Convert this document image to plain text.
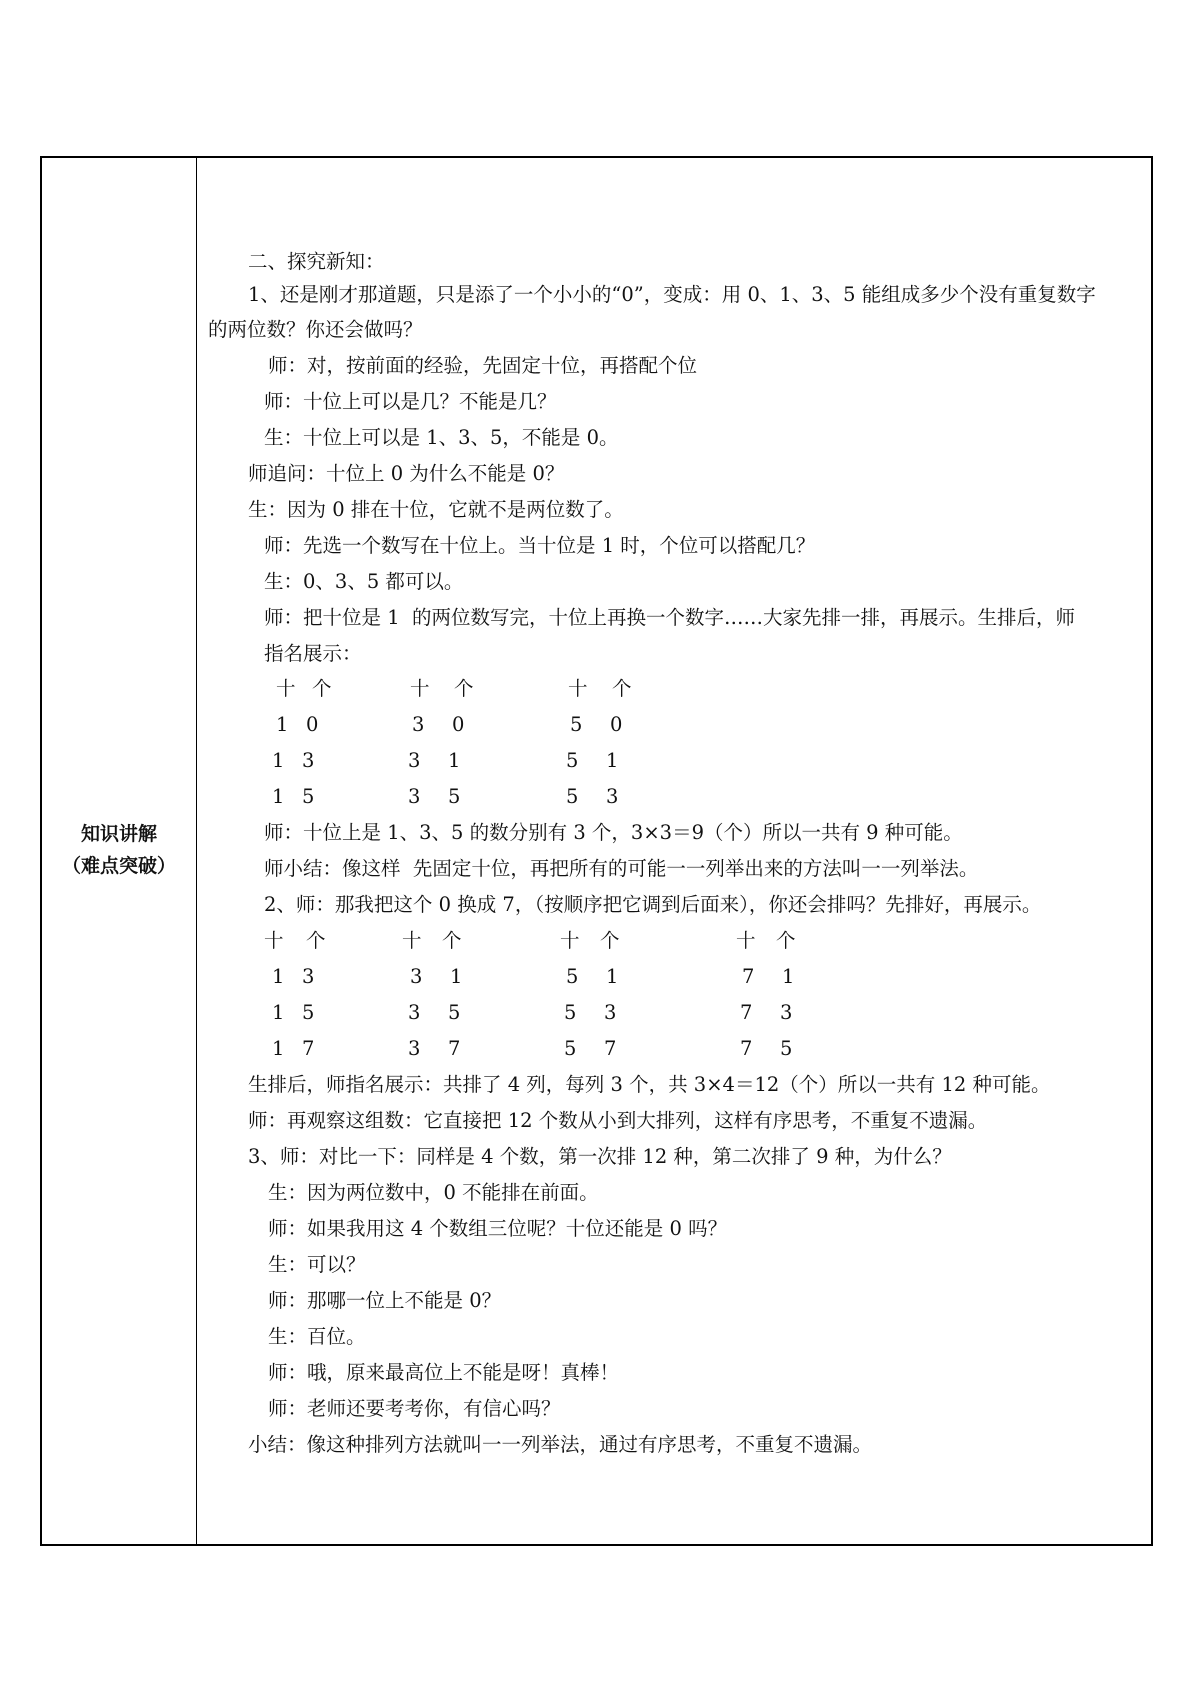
知识讲解
（难点突破）
二、探究新知：
1、还是刚才那道题，只是添了一个小小的“0”，变成：用 0、1、3、5 能组成多少个没有重复数字
的两位数？你还会做吗？
师：对，按前面的经验，先固定十位，再搭配个位
师：十位上可以是几？不能是几？
生：十位上可以是 1、3、5，不能是 0。
师追问：十位上 0 为什么不能是 0？
生：因为 0 排在十位，它就不是两位数了。
师：先选一个数写在十位上。当十位是 1 时，个位可以搭配几？
生：0、3、5 都可以。
师：把十位是 1  的两位数写完，十位上再换一个数字……大家先排一排，再展示。生排后，师
指名展示：
十 个	十 个	十 个
1 0	3 0	5 0
1 3	3 1	5 1
1 5	3 5	5 3
师：十位上是 1、3、5 的数分别有 3 个，3×3＝9（个）所以一共有 9 种可能。
师小结：像这样  先固定十位，再把所有的可能一一列举出来的方法叫一一列举法。
2、师：那我把这个 0 换成 7，（按顺序把它调到后面来），你还会排吗？先排好，再展示。
十 个	十 个	十 个	十 个
1 3	3 1	5 1	7 1
1 5	3 5	5 3	7 3
1 7	3 7	5 7	7 5
生排后，师指名展示：共排了 4 列，每列 3 个，共 3×4＝12（个）所以一共有 12 种可能。
师：再观察这组数：它直接把 12 个数从小到大排列，这样有序思考，不重复不遗漏。
3、师：对比一下：同样是 4 个数，第一次排 12 种，第二次排了 9 种，为什么？
生：因为两位数中，0 不能排在前面。
师：如果我用这 4 个数组三位呢？十位还能是 0 吗？
生：可以？
师：那哪一位上不能是 0？
生：百位。
师：哦，原来最高位上不能是呀！真棒！
师：老师还要考考你，有信心吗？
小结：像这种排列方法就叫一一列举法，通过有序思考，不重复不遗漏。
